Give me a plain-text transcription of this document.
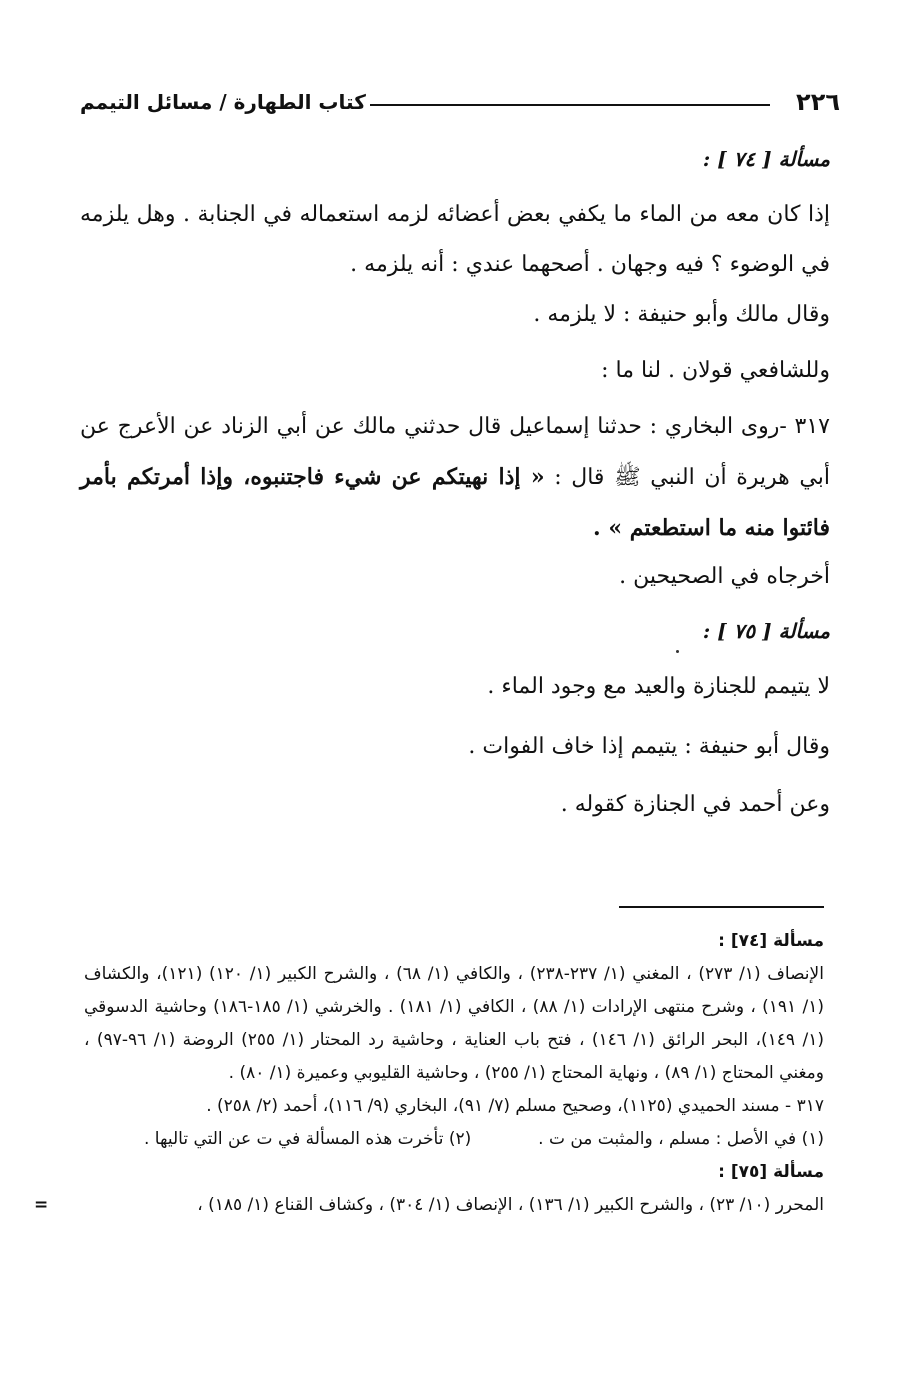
٢٢٦
كتاب الطهارة / مسائل التيمم
مسألة [ ٧٤ ] :
إذا كان معه من الماء ما يكفي بعض أعضائه لزمه استعماله في الجنابة . وهل يلزمه في الوضوء ؟ فيه وجهان . أصحهما عندي : أنه يلزمه .
وقال مالك وأبو حنيفة : لا يلزمه .
وللشافعي قولان . لنا ما :
٣١٧ -روى البخاري : حدثنا إسماعيل قال حدثني مالك عن أبي الزناد عن الأعرج عن أبي هريرة أن النبي ﷺ قال : « إذا نهيتكم عن شيء فاجتنبوه، وإذا أمرتكم بأمر فائتوا منه ما استطعتم » .
أخرجاه في الصحيحين .
مسألة [ ٧٥ ] :
لا يتيمم للجنازة والعيد مع وجود الماء .
وقال أبو حنيفة : يتيمم إذا خاف الفوات .
وعن أحمد في الجنازة كقوله .
مسألة [٧٤] :
الإنصاف (١/ ٢٧٣) ، المغني (١/ ٢٣٧-٢٣٨) ، والكافي (١/ ٦٨) ، والشرح الكبير (١/ ١٢٠) (١٢١)، والكشاف (١/ ١٩١) ، وشرح منتهى الإرادات (١/ ٨٨) ، الكافي (١/ ١٨١) . والخرشي (١/ ١٨٥-١٨٦) وحاشية الدسوقي (١/ ١٤٩)، البحر الرائق (١/ ١٤٦) ، فتح باب العناية ، وحاشية رد المحتار (١/ ٢٥٥) الروضة (١/ ٩٦-٩٧) ، ومغني المحتاج (١/ ٨٩) ، ونهاية المحتاج (١/ ٢٥٥) ، وحاشية القليوبي وعميرة (١/ ٨٠) .
٣١٧ - مسند الحميدي (١١٢٥)، وصحيح مسلم (٧/ ٩١)، البخاري (٩/ ١١٦)، أحمد (٢/ ٢٥٨) .
(١) في الأصل : مسلم ، والمثبت من ت .
(٢) تأخرت هذه المسألة في ت عن التي تاليها .
مسألة [٧٥] :
المحرر (١٠/ ٢٣) ، والشرح الكبير (١/ ١٣٦) ، الإنصاف (١/ ٣٠٤) ، وكشاف القناع (١/ ١٨٥) ،
=
